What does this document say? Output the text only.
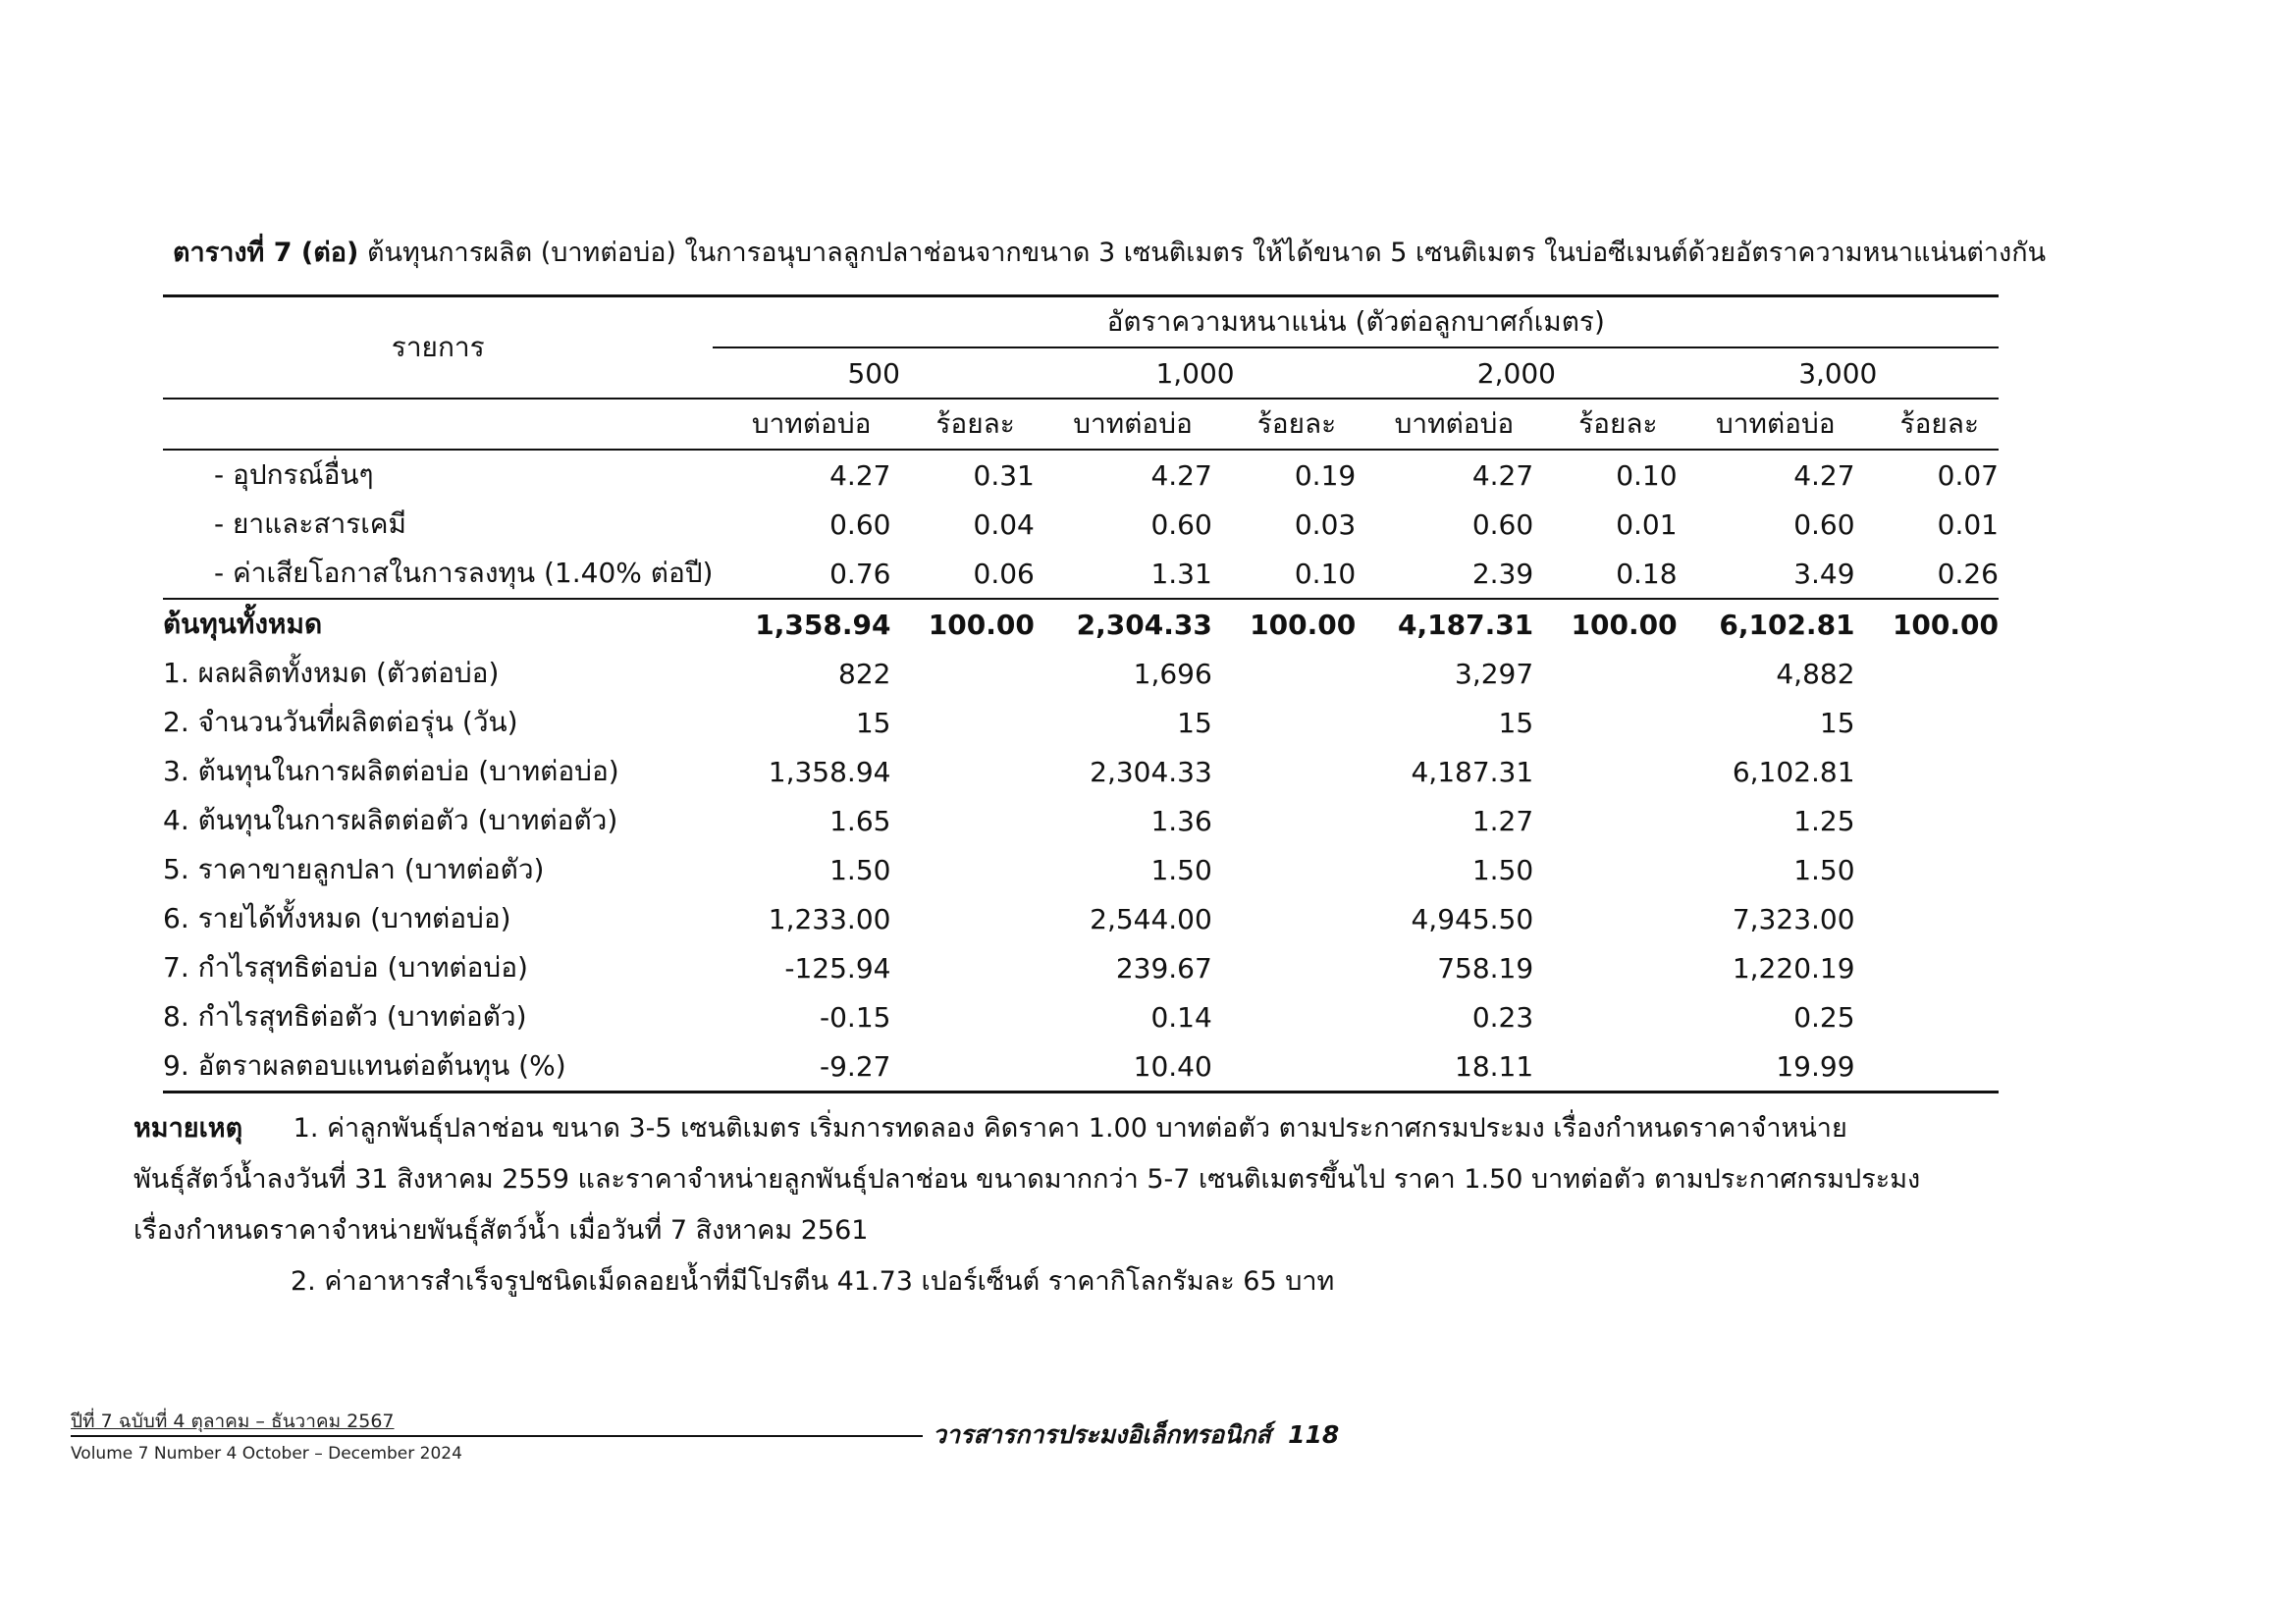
ตารางที่ 7 (ต่อ) ต้นทุนการผลิต (บาทต่อบ่อ) ในการอนุบาลลูกปลาช่อนจากขนาด 3 เซนติเมตร ให้ได้ขนาด 5 เซนติเมตร ในบ่อซีเมนต์ด้วยอัตราความหนาแน่นต่างกัน
รายการ	อัตราความหนาแน่น (ตัวต่อลูกบาศก์เมตร)							
	500		1,000		2,000		3,000	
	บาทต่อบ่อ	ร้อยละ	บาทต่อบ่อ	ร้อยละ	บาทต่อบ่อ	ร้อยละ	บาทต่อบ่อ	ร้อยละ
- อุปกรณ์อื่นๆ	4.27	0.31	4.27	0.19	4.27	0.10	4.27	0.07
- ยาและสารเคมี	0.60	0.04	0.60	0.03	0.60	0.01	0.60	0.01
- ค่าเสียโอกาสในการลงทุน (1.40% ต่อปี)	0.76	0.06	1.31	0.10	2.39	0.18	3.49	0.26
ต้นทุนทั้งหมด	1,358.94	100.00	2,304.33	100.00	4,187.31	100.00	6,102.81	100.00
1. ผลผลิตทั้งหมด (ตัวต่อบ่อ)	822		1,696		3,297		4,882	
2. จำนวนวันที่ผลิตต่อรุ่น (วัน)	15		15		15		15	
3. ต้นทุนในการผลิตต่อบ่อ (บาทต่อบ่อ)	1,358.94		2,304.33		4,187.31		6,102.81	
4. ต้นทุนในการผลิตต่อตัว (บาทต่อตัว)	1.65		1.36		1.27		1.25	
5. ราคาขายลูกปลา (บาทต่อตัว)	1.50		1.50		1.50		1.50	
6. รายได้ทั้งหมด (บาทต่อบ่อ)	1,233.00		2,544.00		4,945.50		7,323.00	
7. กำไรสุทธิต่อบ่อ (บาทต่อบ่อ)	-125.94		239.67		758.19		1,220.19	
8. กำไรสุทธิต่อตัว (บาทต่อตัว)	-0.15		0.14		0.23		0.25	
9. อัตราผลตอบแทนต่อต้นทุน (%)	-9.27		10.40		18.11		19.99	
หมายเหตุ 1. ค่าลูกพันธุ์ปลาช่อน ขนาด 3-5 เซนติเมตร เริ่มการทดลอง คิดราคา 1.00 บาทต่อตัว ตามประกาศกรมประมง เรื่องกำหนดราคาจำหน่าย
พันธุ์สัตว์น้ำลงวันที่ 31 สิงหาคม 2559 และราคาจำหน่ายลูกพันธุ์ปลาช่อน ขนาดมากกว่า 5-7 เซนติเมตรขึ้นไป ราคา 1.50 บาทต่อตัว ตามประกาศกรมประมง
เรื่องกำหนดราคาจำหน่ายพันธุ์สัตว์น้ำ เมื่อวันที่ 7 สิงหาคม 2561
2. ค่าอาหารสำเร็จรูปชนิดเม็ดลอยน้ำที่มีโปรตีน 41.73 เปอร์เซ็นต์ ราคากิโลกรัมละ 65 บาท
ปีที่ 7 ฉบับที่ 4 ตุลาคม – ธันวาคม 2567
Volume 7 Number 4 October – December 2024
วารสารการประมงอิเล็กทรอนิกส์ 118
